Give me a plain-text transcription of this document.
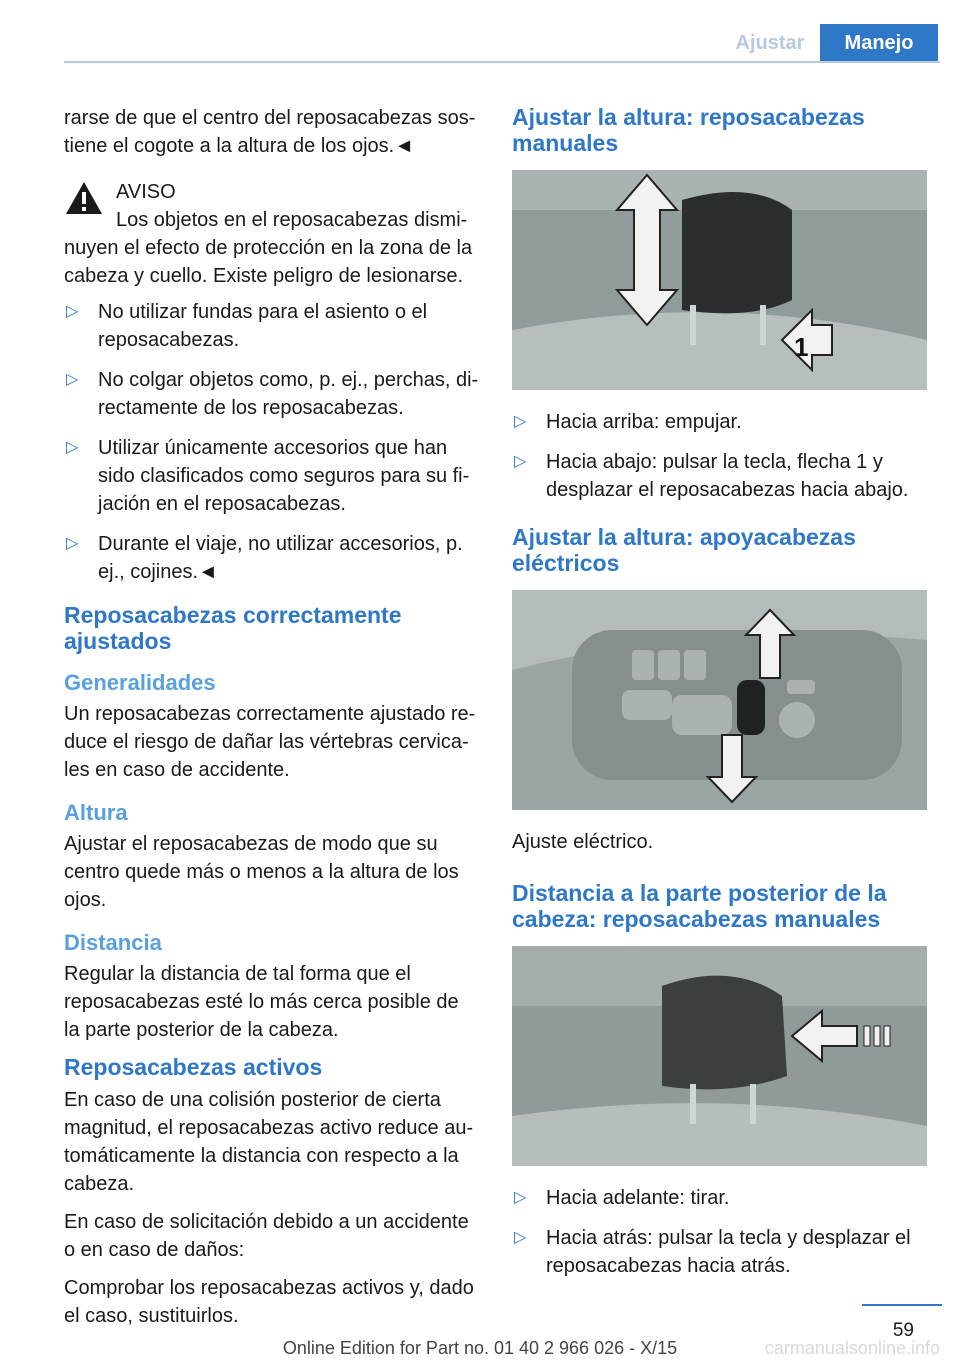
Ajustar	Manejo

rarse de que el centro del reposacabezas sostiene el cogote a la altura de los ojos.◄

AVISO

Los objetos en el reposacabezas disminuyen el efecto de protección en la zona de la cabeza y cuello. Existe peligro de lesionarse.

▷ No utilizar fundas para el asiento o el reposacabezas.
▷ No colgar objetos como, p. ej., perchas, directamente de los reposacabezas.
▷ Utilizar únicamente accesorios que han sido clasificados como seguros para su fijación en el reposacabezas.
▷ Durante el viaje, no utilizar accesorios, p. ej., cojines.◄
Reposacabezas correctamente ajustados
Generalidades

Un reposacabezas correctamente ajustado reduce el riesgo de dañar las vértebras cervicales en caso de accidente.

Altura

Ajustar el reposacabezas de modo que su centro quede más o menos a la altura de los ojos.

Distancia

Regular la distancia de tal forma que el reposacabezas esté lo más cerca posible de la parte posterior de la cabeza.

Reposacabezas activos

En caso de una colisión posterior de cierta magnitud, el reposacabezas activo reduce automáticamente la distancia con respecto a la cabeza.

En caso de solicitación debido a un accidente o en caso de daños:

Comprobar los reposacabezas activos y, dado el caso, sustituirlos.

Ajustar la altura: reposacabezas manuales
1
▷ Hacia arriba: empujar.
▷ Hacia abajo: pulsar la tecla, flecha 1 y desplazar el reposacabezas hacia abajo.
Ajustar la altura: apoyacabezas eléctricos

Ajuste eléctrico.

Distancia a la parte posterior de la cabeza: reposacabezas manuales
▷ Hacia adelante: tirar.
▷ Hacia atrás: pulsar la tecla y desplazar el reposacabezas hacia atrás.
59
Online Edition for Part no. 01 40 2 966 026 - X/15	carmanualsonline.info
